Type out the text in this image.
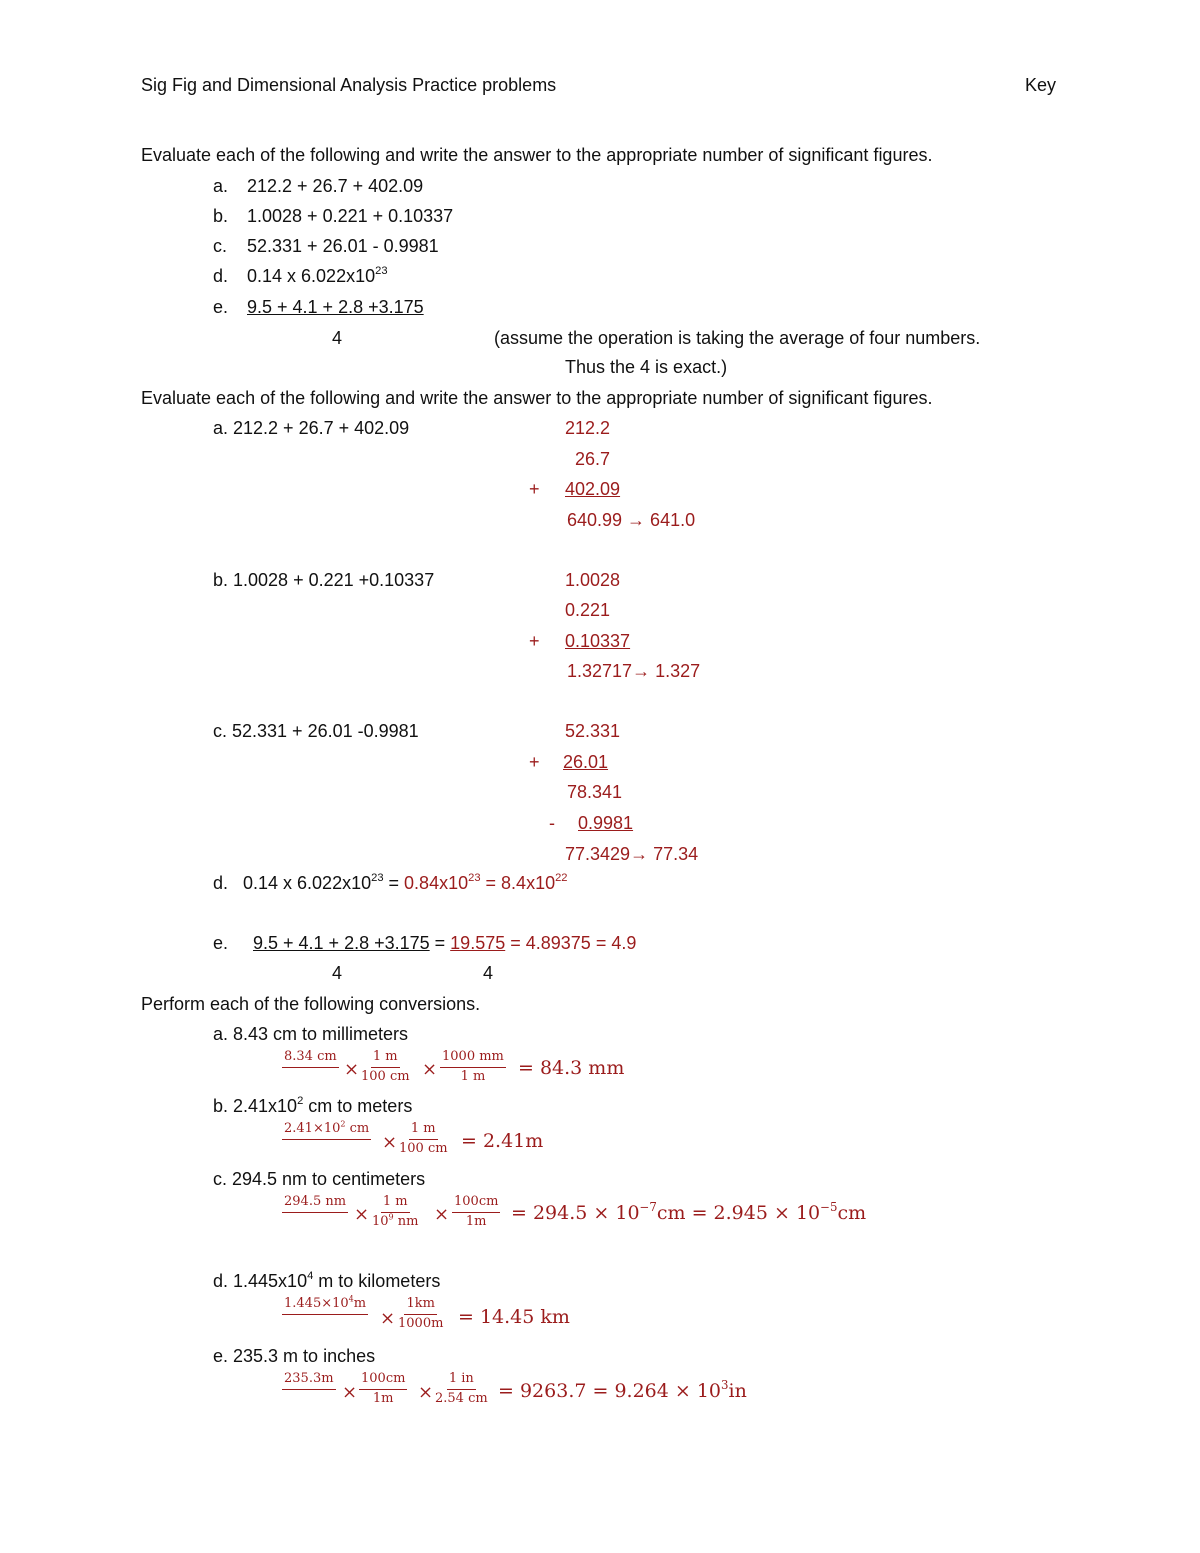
Sig Fig and Dimensional Analysis Practice problems	Key
Evaluate each of the following and write the answer to the appropriate number of significant figures.
a. 212.2 + 26.7 + 402.09
b. 1.0028 + 0.221 + 0.10337
c. 52.331 + 26.01 - 0.9981
d. 0.14 x $6.022x10^{23}$
e. 9.5 + 4.1 + 2.8 +3.175
4	(assume the operation is taking the average of four numbers.
Thus the 4 is exact.)
Evaluate each of the following and write the answer to the appropriate number of significant figures.
a. 212.2 + 26.7 + 402.09	212.2
26.7
+ 402.09
640.99 → 641.0
b. 1.0028 + 0.221 +0.10337	1.0028
0.221
+ 0.10337
1.32717→ 1.327
c. 52.331 + 26.01 -0.9981	52.331
+ 26.01
78.341
-	0.9981
77.3429→ 77.34
d. 0.14 x $6.022x10^{23} = 0.84x10^{23} = 8.4x10^{22}$
e. 9.5 + 4.1 + 2.8 +3.175 = 19.575 = 4.89375 = 4.9
4	4
Perform each of the following conversions.
a. 8.43 cm to millimeters
8.34 cm

× $\frac{1 m}{100 cm} \times \frac{1000 mm}{1 m} = 84.3$ mm
b. $2.41x10^2$ cm to meters
$2.41\times 10^2$ cm

× $\frac{1 m}{100 cm} = 2.41m$
c. 294.5 nm to centimeters
294.5 nm

× $\frac{1 m}{10^9 nm} \times \frac{100cm}{1m} = 294.5 \times 10^{-7}cm = 2.945 \times 10^{-5}cm$
d. $1.445x10^4$ m to kilometers
$1.445\times 10^4m$

× $\frac{1km}{1000m} = 14.45$ km
e. 235.3 m to inches
235.3m

× $\frac{100cm}{1m} \times \frac{1 in}{2.54 cm} = 9263.7 = 9.264 \times 10^3in$
